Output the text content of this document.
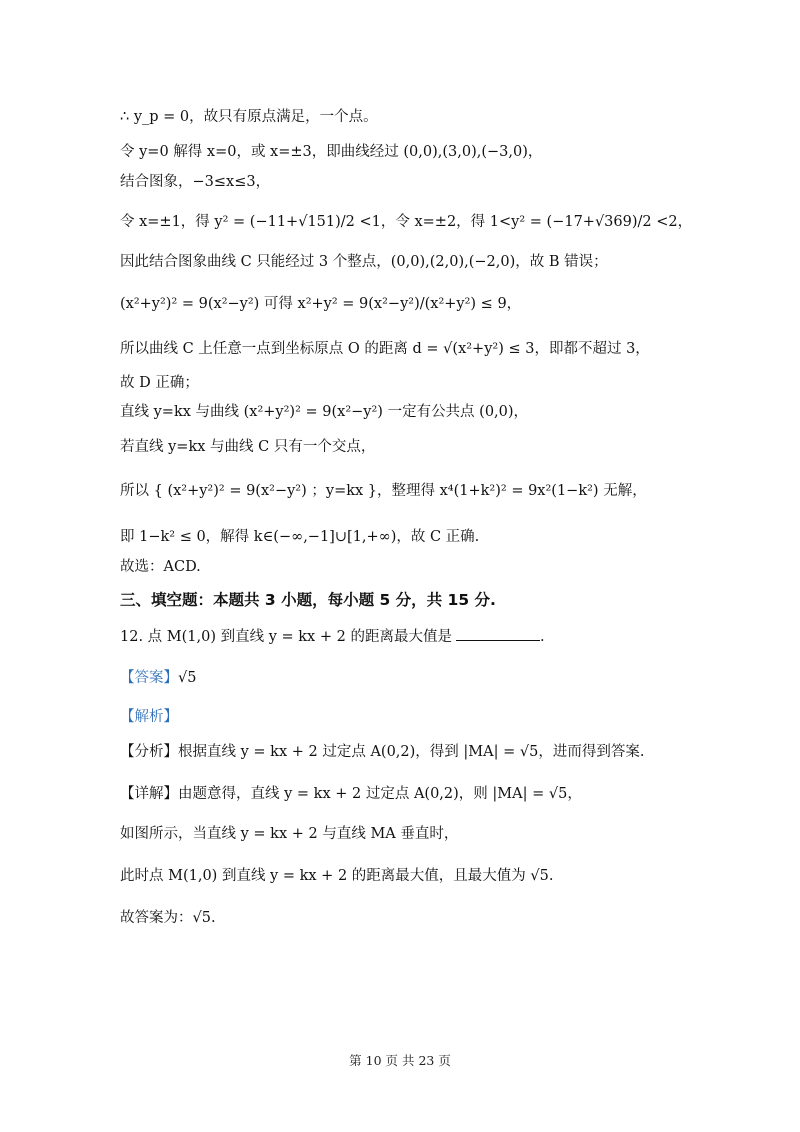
∴ y_p = 0，故只有原点满足，一个点。
令 y=0 解得 x=0，或 x=±3，即曲线经过 (0,0),(3,0),(−3,0)，
结合图象，−3≤x≤3，
令 x=±1，得 y² = (−11+√151)/2 <1，令 x=±2，得 1<y² = (−17+√369)/2 <2，
因此结合图象曲线 C 只能经过 3 个整点，(0,0),(2,0),(−2,0)，故 B 错误；
(x²+y²)² = 9(x²−y²) 可得 x²+y² = 9(x²−y²)/(x²+y²) ≤ 9，
所以曲线 C 上任意一点到坐标原点 O 的距离 d = √(x²+y²) ≤ 3，即都不超过 3，
故 D 正确；
直线 y=kx 与曲线 (x²+y²)² = 9(x²−y²) 一定有公共点 (0,0)，
若直线 y=kx 与曲线 C 只有一个交点，
所以 { (x²+y²)² = 9(x²−y²) ；y=kx }，整理得 x⁴(1+k²)² = 9x²(1−k²) 无解，
即 1−k² ≤ 0，解得 k∈(−∞,−1]∪[1,+∞)，故 C 正确.
故选：ACD.
三、填空题：本题共 3 小题，每小题 5 分，共 15 分.
12. 点 M(1,0) 到直线 y = kx + 2 的距离最大值是	.
【答案】√5
【解析】
【分析】根据直线 y = kx + 2 过定点 A(0,2)，得到 |MA| = √5，进而得到答案.
【详解】由题意得，直线 y = kx + 2 过定点 A(0,2)，则 |MA| = √5，
如图所示，当直线 y = kx + 2 与直线 MA 垂直时，
此时点 M(1,0) 到直线 y = kx + 2 的距离最大值，且最大值为 √5.
故答案为：√5.
第 10 页 共 23 页
